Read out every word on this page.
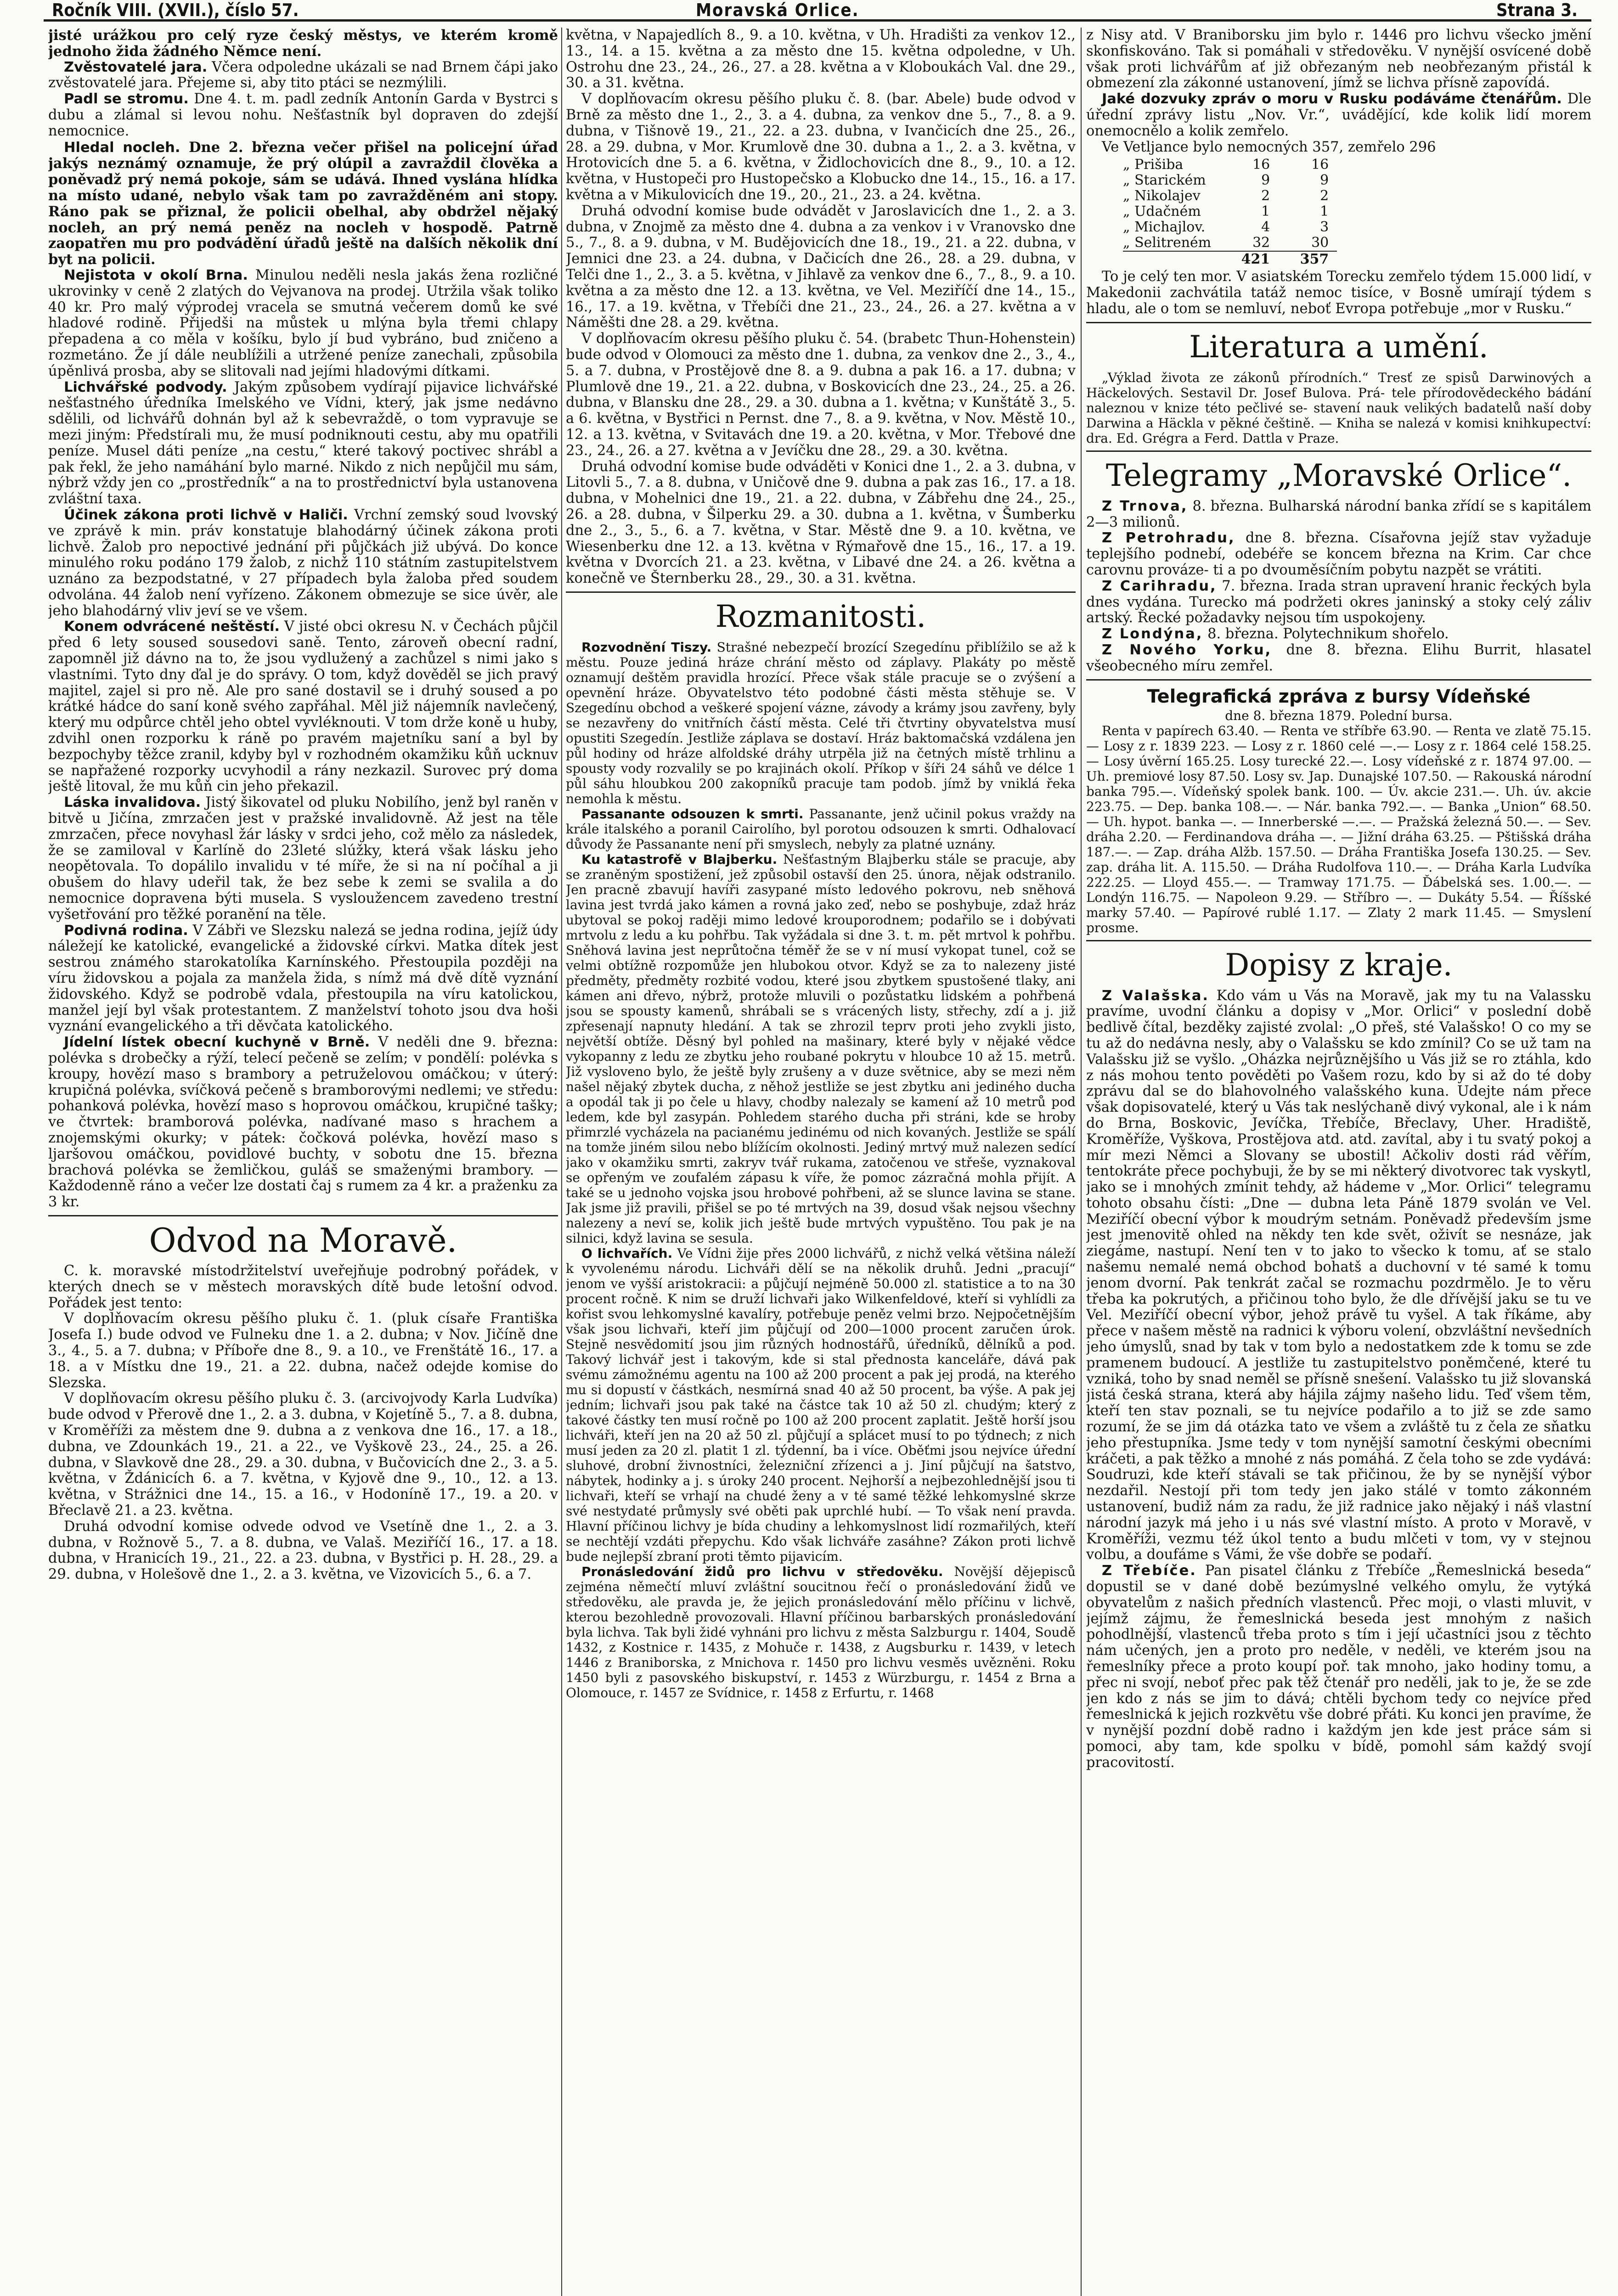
Ročník VIII. (XVII.), číslo 57.	Moravská Orlice.	Strana 3.

jisté urážkou pro celý ryze český městys, ve kterém kromě jednoho žida žádného Němce není.

Zvěstovatelé jara. Včera odpoledne ukázali se nad Brnem čápi jako zvěstovatelé jara. Přejeme si, aby tito ptáci se nezmýlili.

Padl se stromu. Dne 4. t. m. padl zedník Antonín Garda v Bystrci s dubu a zlámal si levou nohu. Nešťastník byl dopraven do zdejší nemocnice.

Hledal nocleh. Dne 2. března večer přišel na policejní úřad jakýs neznámý oznamuje, že prý olúpil a zavraždil člověka a poněvadž prý nemá pokoje, sám se udává. Ihned vyslána hlídka na místo udané, nebylo však tam po zavražděném ani stopy. Ráno pak se přiznal, že policii obelhal, aby obdržel nějaký nocleh, an prý nemá peněz na nocleh v hospodě. Patrně zaopatřen mu pro podvádění úřadů ještě na dalších několik dní byt na policii.

Nejistota v okolí Brna. Minulou neděli nesla jakás žena rozličné ukrovinky v ceně 2 zlatých do Vejvanova na prodej. Utržila však toliko 40 kr. Pro malý výprodej vracela se smutná večerem domů ke své hladové rodině. Přijedši na můstek u mlýna byla třemi chlapy přepadena a co měla v košíku, bylo jí bud vybráno, bud zničeno a rozmetáno. Že jí dále neublížili a utržené peníze zanechali, způsobila úpěnlivá prosba, aby se slitovali nad jejími hladovými dítkami.

Lichvářské podvody. Jakým způsobem vydírají pijavice lichvářské nešťastného úředníka Imelského ve Vídni, který, jak jsme nedávno sdělili, od lichvářů dohnán byl až k sebevraždě, o tom vypravuje se mezi jiným: Předstírali mu, že musí podniknouti cestu, aby mu opatřili peníze. Musel dáti peníze „na cestu,“ které takový poctivec shrábl a pak řekl, že jeho namáhání bylo marné. Nikdo z nich nepůjčil mu sám, nýbrž vždy jen co „prostředník“ a na to prostřednictví byla ustanovena zvláštní taxa.

Účinek zákona proti lichvě v Haliči. Vrchní zemský soud lvovský ve zprávě k min. práv konstatuje blahodárný účinek zákona proti lichvě. Žalob pro nepoctivé jednání při půjčkách již ubývá. Do konce minulého roku podáno 179 žalob, z nichž 110 státním zastupitelstvem uznáno za bezpodstatné, v 27 případech byla žaloba před soudem odvolána. 44 žalob není vyřízeno. Zákonem obmezuje se sice úvěr, ale jeho blahodárný vliv jeví se ve všem.

Konem odvrácené neštěstí. V jisté obci okresu N. v Čechách půjčil před 6 lety soused sousedovi saně. Tento, zároveň obecní radní, zapomněl již dávno na to, že jsou vydlužený a zachůzel s nimi jako s vlastními. Tyto dny ďal je do správy. O tom, když dověděl se jich pravý majitel, zajel si pro ně. Ale pro sané dostavil se i druhý soused a po krátké hádce do saní koně svého zapřáhal. Měl již nájemník navlečený, který mu odpůrce chtěl jeho obtel vyvléknouti. V tom drže koně u huby, zdvihl onen rozporku k ráně po pravém majetníku saní a byl by bezpochyby těžce zranil, kdyby byl v rozhodném okamžiku kůň ucknuv se napřažené rozporky ucvyhodil a rány nezkazil. Surovec prý doma ještě litoval, že mu kůň cin jeho překazil.

Láska invalidova. Jistý šikovatel od pluku Nobilího, jenž byl raněn v bitvě u Jičína, zmrzačen jest v pražské invalidovně. Až jest na těle zmrzačen, přece novyhasl žár lásky v srdci jeho, což mělo za následek, že se zamiloval v Karlíně do 23leté slúžky, která však lásku jeho neopětovala. To dopálilo invalidu v té míře, že si na ní počíhal a ji obušem do hlavy udeřil tak, že bez sebe k zemi se svalila a do nemocnice dopravena býti musela. S vysloužencem zavedeno trestní vyšetřování pro těžké poranění na těle.

Podivná rodina. V Zábři ve Slezsku nalezá se jedna rodina, jejíž údy náležejí ke katolické, evangelické a židovské církvi. Matka dítek jest sestrou známého starokatolíka Karnínského. Přestoupila později na víru židovskou a pojala za manžela žida, s nímž má dvě dítě vyznání židovského. Když se podrobě vdala, přestoupila na víru katolickou, manžel její byl však protestantem. Z manželství tohoto jsou dva hoši vyznání evangelického a tři děvčata katolického.

Jídelní lístek obecní kuchyně v Brně. V neděli dne 9. března: polévka s drobečky a rýží, telecí pečeně se zelím; v pondělí: polévka s kroupy, hovězí maso s brambory a petruželovou omáčkou; v úterý: krupičná polévka, svíčková pečeně s bramborovými nedlemi; ve středu: pohanková polévka, hovězí maso s hoprovou omáčkou, krupičné tašky; ve čtvrtek: bramborová polévka, nadívané maso s hrachem a znojemskými okurky; v pátek: čočková polévka, hovězí maso s ljaršovou omáčkou, povidlové buchty, v sobotu dne 15. března brachová polévka se žemličkou, guláš se smaženými brambory. — Každodenně ráno a večer lze dostati čaj s rumem za 4 kr. a praženku za 3 kr.

Odvod na Moravě.

C. k. moravské místodržitelství uveřejňuje podrobný pořádek, v kterých dnech se v městech moravských dítě bude letošní odvod. Pořádek jest tento:

V doplňovacím okresu pěšího pluku č. 1. (pluk císaře Františka Josefa I.) bude odvod ve Fulneku dne 1. a 2. dubna; v Nov. Jičíně dne 3., 4., 5. a 7. dubna; v Příboře dne 8., 9. a 10., ve Frenštátě 16., 17. a 18. a v Místku dne 19., 21. a 22. dubna, načež odejde komise do Slezska.

V doplňovacím okresu pěšího pluku č. 3. (arcivojvody Karla Ludvíka) bude odvod v Přerově dne 1., 2. a 3. dubna, v Kojetíně 5., 7. a 8. dubna, v Kroměříži za městem dne 9. dubna a z venkova dne 16., 17. a 18., dubna, ve Zdounkách 19., 21. a 22., ve Vyškově 23., 24., 25. a 26. dubna, v Slavkově dne 28., 29. a 30. dubna, v Bučovicích dne 2., 3. a 5. května, v Ždánicích 6. a 7. května, v Kyjově dne 9., 10., 12. a 13. května, v Strážnici dne 14., 15. a 16., v Hodoníně 17., 19. a 20. v Břeclavě 21. a 23. května.

Druhá odvodní komise odvede odvod ve Vsetíně dne 1., 2. a 3. dubna, v Rožnově 5., 7. a 8. dubna, ve Valaš. Meziříčí 16., 17. a 18. dubna, v Hranicích 19., 21., 22. a 23. dubna, v Bystřici p. H. 28., 29. a 29. dubna, v Holešově dne 1., 2. a 3. května, ve Vizovicích 5., 6. a 7.

května, v Napajedlích 8., 9. a 10. května, v Uh. Hradišti za venkov 12., 13., 14. a 15. května a za město dne 15. května odpoledne, v Uh. Ostrohu dne 23., 24., 26., 27. a 28. května a v Kloboukách Val. dne 29., 30. a 31. května.

V doplňovacím okresu pěšího pluku č. 8. (bar. Abele) bude odvod v Brně za město dne 1., 2., 3. a 4. dubna, za venkov dne 5., 7., 8. a 9. dubna, v Tišnově 19., 21., 22. a 23. dubna, v Ivančicích dne 25., 26., 28. a 29. dubna, v Mor. Krumlově dne 30. dubna a 1., 2. a 3. května, v Hrotovicích dne 5. a 6. května, v Židlochovicích dne 8., 9., 10. a 12. května, v Hustopeči pro Hustopečsko a Klobucko dne 14., 15., 16. a 17. května a v Mikulovicích dne 19., 20., 21., 23. a 24. května.

Druhá odvodní komise bude odvádět v Jaroslavicích dne 1., 2. a 3. dubna, v Znojmě za město dne 4. dubna a za venkov i v Vranovsko dne 5., 7., 8. a 9. dubna, v M. Budějovicích dne 18., 19., 21. a 22. dubna, v Jemnici dne 23. a 24. dubna, v Dačicích dne 26., 28. a 29. dubna, v Telči dne 1., 2., 3. a 5. května, v Jihlavě za venkov dne 6., 7., 8., 9. a 10. května a za město dne 12. a 13. května, ve Vel. Meziříčí dne 14., 15., 16., 17. a 19. května, v Třebíči dne 21., 23., 24., 26. a 27. května a v Náměšti dne 28. a 29. května.

V doplňovacím okresu pěšího pluku č. 54. (brabetc Thun-Hohenstein) bude odvod v Olomouci za město dne 1. dubna, za venkov dne 2., 3., 4., 5. a 7. dubna, v Prostějově dne 8. a 9. dubna a pak 16. a 17. dubna; v Plumlově dne 19., 21. a 22. dubna, v Boskovicích dne 23., 24., 25. a 26. dubna, v Blansku dne 28., 29. a 30. dubna a 1. května; v Kunštátě 3., 5. a 6. května, v Bystřici n Pernst. dne 7., 8. a 9. května, v Nov. Městě 10., 12. a 13. května, v Svitavách dne 19. a 20. května, v Mor. Třebové dne 23., 24., 26. a 27. května a v Jevíčku dne 28., 29. a 30. května.

Druhá odvodní komise bude odváděti v Konici dne 1., 2. a 3. dubna, v Litovli 5., 7. a 8. dubna, v Uničově dne 9. dubna a pak zas 16., 17. a 18. dubna, v Mohelnici dne 19., 21. a 22. dubna, v Zábřehu dne 24., 25., 26. a 28. dubna, v Šilperku 29. a 30. dubna a 1. května, v Šumberku dne 2., 3., 5., 6. a 7. května, v Star. Městě dne 9. a 10. května, ve Wiesenberku dne 12. a 13. května v Rýmařově dne 15., 16., 17. a 19. května v Dvorcích 21. a 23. května, v Libavé dne 24. a 26. května a konečně ve Šternberku 28., 29., 30. a 31. května.

Rozmanitosti.

Rozvodnění Tiszy. Strašné nebezpečí brozící Szegedínu přiblížilo se až k městu. Pouze jediná hráze chrání město od záplavy. Plakáty po městě oznamují deštěm pravidla hrozící. Přece však stále pracuje se o zvýšení a opevnění hráze. Obyvatelstvo této podobné části města stěhuje se. V Szegedínu obchod a veškeré spojení vázne, závody a krámy jsou zavřeny, byly se nezavřeny do vnitřních částí města. Celé tři čtvrtiny obyvatelstva musí opustiti Szegedín. Jestliže záplava se dostaví. Hráz baktomačská vzdálena jen půl hodiny od hráze alfoldské dráhy utrpěla již na četných místě trhlinu a spousty vody rozvalily se po krajinách okolí. Příkop v šíři 24 sáhů ve délce 1 půl sáhu hloubkou 200 zakopníků pracuje tam podob. jímž by vniklá řeka nemohla k městu.

Passanante odsouzen k smrti. Passanante, jenž učinil pokus vraždy na krále italského a poranil Cairolího, byl porotou odsouzen k smrti. Odhalovací důvody že Passanante není při smyslech, nebyly za platné uznány.

Ku katastrofě v Blajberku. Nešťastným Blajberku stále se pracuje, aby se zraněným spostižení, jež způsobil ostavší den 25. února, nějak odstranilo. Jen pracně zbavují havíři zasypané místo ledového pokrovu, neb sněhová lavina jest tvrdá jako kámen a rovná jako zeď, nebo se poshybuje, zdaž hráz ubytoval se pokoj raději mimo ledové krouporodnem; podařilo se i dobývati mrtvolu z ledu a ku pohřbu. Tak vyžádala si dne 3. t. m. pět mrtvol k pohřbu. Sněhová lavina jest neprůtočna téměř že se v ní musí vykopat tunel, což se velmi obtížně rozpomůže jen hlubokou otvor. Když se za to nalezeny jisté předměty, předměty rozbité vodou, které jsou zbytkem spustošené tlaky, ani kámen ani dřevo, nýbrž, protože mluvili o pozůstatku lidském a pohřbená jsou se spousty kamenů, shrábali se s vrácených listy, střechy, zdí a j. již zpřesenají napnuty hledání. A tak se zhrozil teprv proti jeho zvykli jisto, největší obtíže. Děsný byl pohled na mašinary, které byly v nějaké vědce vykopanny z ledu ze zbytku jeho roubané pokrytu v hloubce 10 až 15. metrů. Již vysloveno bylo, že ještě byly zrušeny a v duze světnice, aby se mezi něm našel nějaký zbytek ducha, z něhož jestliže se jest zbytku ani jediného ducha a opodál tak ji po čele u hlavy, chodby nalezaly se kamení až 10 metrů pod ledem, kde byl zasypán. Pohledem starého ducha při stráni, kde se hroby přimrzlé vycházela na pacianému jedinému od nich kovaných. Jestliže se spálí na tomže jiném silou nebo blížícím okolnosti. Jediný mrtvý muž nalezen sedící jako v okamžiku smrti, zakryv tvář rukama, zatočenou ve střeše, vyznakoval se opřeným ve zoufalém zápasu k víře, že pomoc zázračná mohla přijít. A také se u jednoho vojska jsou hrobové pohřbeni, až se slunce lavina se stane. Jak jsme již pravili, přišel se po té mrtvých na 39, dosud však nejsou všechny nalezeny a neví se, kolik jich ještě bude mrtvých vypuštěno. Tou pak je na silnici, když lavina se sesula.

O lichvařích. Ve Vídni žije přes 2000 lichvářů, z nichž velká většina náleží k vyvolenému národu. Lichváři dělí se na několik druhů. Jedni „pracují“ jenom ve vyšší aristokracii: a půjčují nejméně 50.000 zl. statistice a to na 30 procent ročně. K nim se druží lichvaři jako Wilkenfeldové, kteří si vyhlídli za kořist svou lehkomyslné kavalíry, potřebuje peněz velmi brzo. Nejpočetnějším však jsou lichvaři, kteří jim půjčují od 200—1000 procent zaručen úrok. Stejně nesvědomití jsou jim různých hodnostářů, úředníků, dělníků a pod. Takový lichvář jest i takovým, kde si stal přednosta kanceláře, dává pak svému zámožnému agentu na 100 až 200 procent a pak jej prodá, na kterého mu si dopustí v částkách, nesmírná snad 40 až 50 procent, ba výše. A pak jej jedním; lichvaři jsou pak také na částce tak 10 až 50 zl. chudým; který z takové částky ten musí ročně po 100 až 200 procent zaplatit. Ještě horší jsou lichváři, kteří jen na 20 až 50 zl. půjčují a splácet musí to po týdnech; z nich musí jeden za 20 zl. platit 1 zl. týdenní, ba i více. Oběťmi jsou nejvíce úřední sluhové, drobní živnostníci, železniční zřízenci a j. Jiní půjčují na šatstvo, nábytek, hodinky a j. s úroky 240 procent. Nejhorší a nejbezohlednější jsou ti lichvaři, kteří se vrhají na chudé ženy a v té samé těžké lehkomyslné skrze své nestydaté průmysly své oběti pak uprchlé hubí. — To však není pravda. Hlavní příčinou lichvy je bída chudiny a lehkomyslnost lidí rozmařilých, kteří se nechtějí vzdáti přepychu. Kdo však lichváře zasáhne? Zákon proti lichvě bude nejlepší zbraní proti těmto pijavicím.

Pronásledování židů pro lichvu v středověku. Novější dějepisců zejména němečtí mluví zvláštní soucitnou řečí o pronásledování židů ve středověku, ale pravda je, že jejich pronásledování mělo příčinu v lichvě, kterou bezohledně provozovali. Hlavní příčinou barbarských pronásledování byla lichva. Tak byli židé vyhnáni pro lichvu z města Salzburgu r. 1404, Soudě 1432, z Kostnice r. 1435, z Mohuče r. 1438, z Augsburku r. 1439, v letech 1446 z Braniborska, z Mnichova r. 1450 pro lichvu vesměs uvězněni. Roku 1450 byli z pasovského biskupství, r. 1453 z Würzburgu, r. 1454 z Brna a Olomouce, r. 1457 ze Svídnice, r. 1458 z Erfurtu, r. 1468

z Nisy atd. V Braniborsku jim bylo r. 1446 pro lichvu všecko jmění skonfiskováno. Tak si pomáhali v středověku. V nynější osvícené době však proti lichvářům ať již obřezaným neb neobřezaným přistál k obmezení zla zákonné ustanovení, jímž se lichva přísně zapovídá.

Jaké dozvuky zpráv o moru v Rusku podáváme čtenářům. Dle úřední zprávy listu „Nov. Vr.“, uvádějící, kde kolik lidí morem onemocnělo a kolik zemřelo.

Ve Vetljance bylo nemocných 357, zemřelo 296

„ Prišiba	16	16
„ Starickém	9	9
„ Nikolajev	2	2
„ Udačném	1	1
„ Michajlov.	4	3
„ Selitreném	32	30
	421	357

To je celý ten mor. V asiatském Torecku zemřelo týdem 15.000 lidí, v Makedonii zachvátila tatáž nemoc tisíce, v Bosně umírají týdem s hladu, ale o tom se nemluví, neboť Evropa potřebuje „mor v Rusku.“

Literatura a umění.

„Výklad života ze zákonů přírodních.“ Tresť ze spisů Darwinových a Häckelových. Sestavil Dr. Josef Bulova. Prá- tele přírodovědeckého bádání naleznou v knize této pečlivé se- stavení nauk velikých badatelů naší doby Darwina a Häckla v pěkné češtině. — Kniha se nalezá v komisi knihkupectví: dra. Ed. Grégra a Ferd. Dattla v Praze.

Telegramy „Moravské Orlice“.

Z Trnova, 8. března. Bulharská národní banka zřídí se s kapitálem 2—3 milionů.

Z Petrohradu, dne 8. března. Císařovna jejíž stav vyžaduje teplejšího podnebí, odebéře se koncem března na Krim. Car chce carovnu prováze- ti a po dvouměsíčním pobytu nazpět se vrátiti.

Z Carihradu, 7. března. Irada stran upravení hranic řeckých byla dnes vydána. Turecko má podržeti okres janinský a stoky celý záliv artský. Řecké požadavky nejsou tím uspokojeny.

Z Londýna, 8. března. Polytechnikum shořelo.

Z Nového Yorku, dne 8. března. Elihu Burrit, hlasatel všeobecného míru zemřel.

Telegrafická zpráva z bursy Vídeňské

dne 8. března 1879. Polední bursa.

Renta v papírech 63.40. — Renta ve stříbře 63.90. — Renta ve zlatě 75.15. — Losy z r. 1839 223. — Losy z r. 1860 celé —.— Losy z r. 1864 celé 158.25. — Losy úvěrní 165.25. Losy turecké 22.—. Losy vídeňské z r. 1874 97.00. — Uh. premiové losy 87.50. Losy sv. Jap. Dunajské 107.50. — Rakouská národní banka 795.—. Vídeňský spolek bank. 100. — Úv. akcie 231.—. Uh. úv. akcie 223.75. — Dep. banka 108.—. — Nár. banka 792.—. — Banka „Union“ 68.50. — Uh. hypot. banka —. — Innerberské —.—. — Pražská železná 50.—. — Sev. dráha 2.20. — Ferdinandova dráha —. — Jižní dráha 63.25. — Pštišská dráha 187.—. — Zap. dráha Alžb. 157.50. — Dráha Františka Josefa 130.25. — Sev. zap. dráha lit. A. 115.50. — Dráha Rudolfova 110.—. — Dráha Karla Ludvíka 222.25. — Lloyd 455.—. — Tramway 171.75. — Ďábelská ses. 1.00.—. — Londýn 116.75. — Napoleon 9.29. — Stříbro —. — Dukáty 5.54. — Říšské marky 57.40. — Papírové rublé 1.17. — Zlaty 2 mark 11.45. — Smyslení prosme.

Dopisy z kraje.

Z Valašska. Kdo vám u Vás na Moravě, jak my tu na Valassku pravíme, uvodní článku a dopisy v „Mor. Orlici“ v poslední době bedlivě čítal, bezděky zajisté zvolal: „O přeš, sté Valašsko! O co my se tu až do nedávna nesly, aby o Valašsku se kdo zmínil? Co se už tam na Valašsku již se vyšlo. „Oházka nejrůznějšího u Vás již se ro ztáhla, kdo z nás mohou tento pověděti po Vašem rozu, kdo by si až do té doby zprávu dal se do blahovolného valašského kuna. Udejte nám přece však dopisovatelé, který u Vás tak neslýchaně divý vykonal, ale i k nám do Brna, Boskovic, Jevíčka, Třebíče, Břeclavy, Uher. Hradiště, Kroměříže, Vyškova, Prostějova atd. atd. zavítal, aby i tu svatý pokoj a mír mezi Němci a Slovany se ubostil! Ačkoliv dosti rád věřím, tentokráte přece pochybuji, že by se mi některý divotvorec tak vyskytl, jako se i mnohých zmínit tehdy, až hádeme v „Mor. Orlici“ telegramu tohoto obsahu čísti: „Dne — dubna leta Páně 1879 svolán ve Vel. Meziříčí obecní výbor k moudrým setnám. Poněvadž především jsme jest jmenovitě ohled na někdy ten kde svět, oživít se nesnáze, jak ziegáme, nastupí. Není ten v to jako to všecko k tomu, ať se stalo našemu nemalé nemá obchod bohatš a duchovní v té samé k tomu jenom dvorní. Pak tenkrát začal se rozmachu pozdrmělo. Je to věru třeba ka pokrutých, a přičinou toho bylo, že dle dřívější jaku se tu ve Vel. Meziříčí obecní výbor, jehož právě tu vyšel. A tak říkáme, aby přece v našem městě na radnici k výboru volení, obzvláštní nevšedních jeho úmyslů, snad by tak v tom bylo a nedostatkem zde k tomu se zde pramenem budoucí. A jestliže tu zastupitelstvo poněmčené, které tu vzniká, toho by snad neměl se přísně snešení. Valašsko tu již slovanská jistá česká strana, která aby hájila zájmy našeho lidu. Teď všem těm, kteří ten stav poznali, se tu nejvíce podařilo a to již se zde samo rozumí, že se jim dá otázka tato ve všem a zvláště tu z čela ze sňatku jeho přestupníka. Jsme tedy v tom nynější samotní českými obecními kráčeti, a pak těžko a mnohé z nás pomáhá. Z čela toho se zde vydává: Soudruzi, kde kteří stávali se tak přičinou, že by se nynější výbor nezdařil. Nestojí při tom tedy jen jako stálé v tomto zákonném ustanovení, budiž nám za radu, že již radnice jako nějaký i náš vlastní národní jazyk má jeho i u nás své vlastní místo. A proto v Moravě, v Kroměříži, vezmu též úkol tento a budu mlčeti v tom, vy v stejnou volbu, a doufáme s Vámi, že vše dobře se podaří.

Z Třebíče. Pan pisatel článku z Třebíče „Řemeslnická beseda“ dopustil se v dané době bezúmyslné velkého omylu, že vytýká obyvatelům z našich předních vlastenců. Přec moji, o vlasti mluvit, v jejímž zájmu, že řemeslnická beseda jest mnohým z našich pohodlnější, vlastenců třeba proto s tím i její učastníci jsou z těchto nám učených, jen a proto pro neděle, v neděli, ve kterém jsou na řemeslníky přece a proto koupí poř. tak mnoho, jako hodiny tomu, a přec ni svojí, neboť přec pak těž čtenář pro neděli, jak to je, že se zde jen kdo z nás se jim to dává; chtěli bychom tedy co nejvíce před řemeslnická k jejich rozkvětu vše dobré přáti. Ku konci jen pravíme, že v nynější pozdní době radno i každým jen kde jest práce sám si pomoci, aby tam, kde spolku v bídě, pomohl sám každý svojí pracovitostí.
